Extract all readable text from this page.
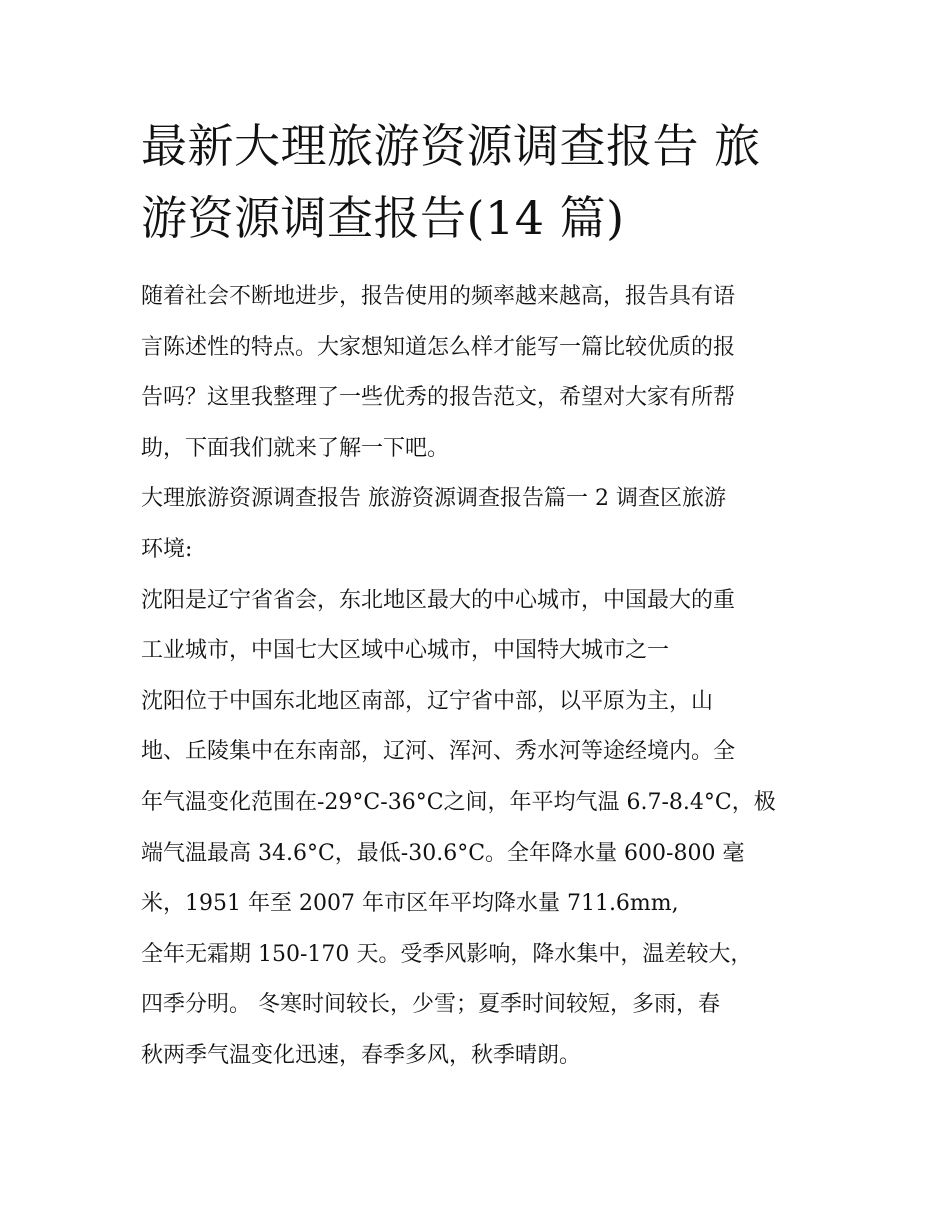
最新大理旅游资源调查报告 旅
游资源调查报告(14 篇)

随着社会不断地进步，报告使用的频率越来越高，报告具有语
言陈述性的特点。大家想知道怎么样才能写一篇比较优质的报
告吗？这里我整理了一些优秀的报告范文，希望对大家有所帮
助，下面我们就来了解一下吧。

大理旅游资源调查报告 旅游资源调查报告篇一 2 调查区旅游
环境:

沈阳是辽宁省省会，东北地区最大的中心城市，中国最大的重
工业城市，中国七大区域中心城市，中国特大城市之一

沈阳位于中国东北地区南部，辽宁省中部，以平原为主，山
地、丘陵集中在东南部，辽河、浑河、秀水河等途经境内。全
年气温变化范围在-29°C-36°C之间，年平均气温 6.7-8.4°C，极
端气温最高 34.6°C，最低-30.6°C。全年降水量 600-800 毫
米，1951 年至 2007 年市区年平均降水量 711.6mm,

全年无霜期 150-170 天。受季风影响，降水集中，温差较大，
四季分明。 冬寒时间较长，少雪；夏季时间较短，多雨，春
秋两季气温变化迅速，春季多风，秋季晴朗。
